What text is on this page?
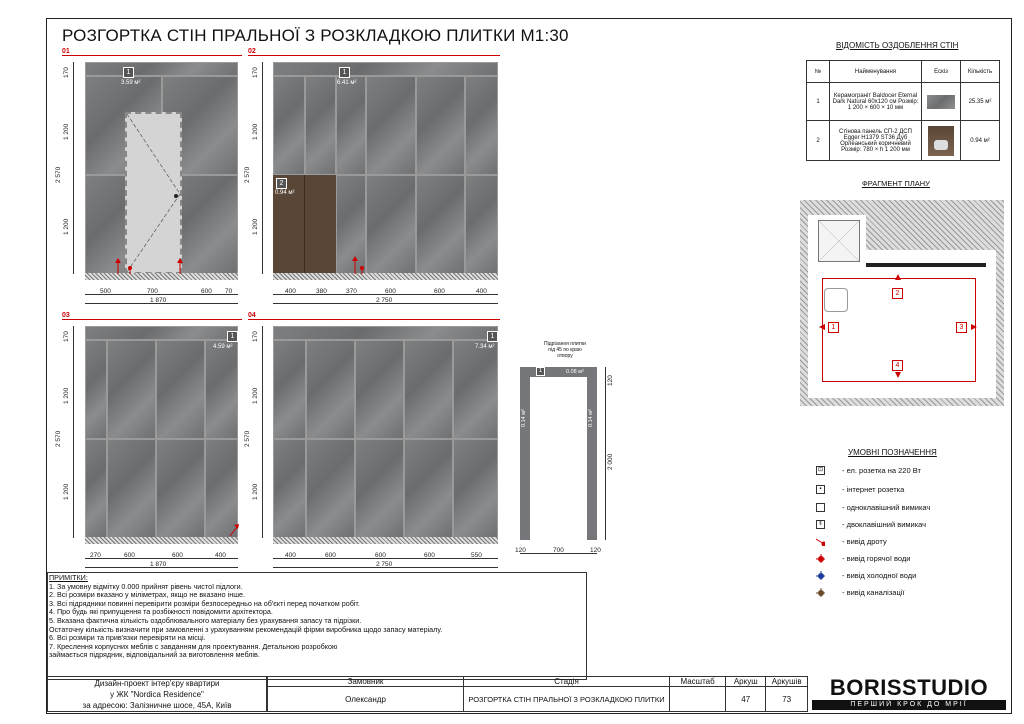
РОЗГОРТКА СТІН ПРАЛЬНОЇ З РОЗКЛАДКОЮ ПЛИТКИ М1:30
01
1
3.59 м²
170
1 200
1 200
2 570
500	700	600 70
1 870
02
1
6.41 м²
2
0.94 м²
170
1 200
1 200
2 570
400	380	370	600	600	400
2 750
03
1
4.59 м²
170
1 200
1 200
2 570
270	600	600	400
1 870
04
1
7.34 м²
170
1 200
1 200
2 570
400	600	600	600	550
2 750
Підрізання плитки під 45 по краю отвору
1	0.08 м²
0.14 м²	0.14 м²
120
2 000
120	700	120
ВІДОМІСТЬ ОЗДОБЛЕННЯ СТІН
№	Найменування	Ескіз	Кількість
1	Керамограніт Baldocer Eternal Dark Natural 60х120 см Розмір: 1 200 × 600 × 10 мм		25.35 м²
2	Стінова панель СП-2 ДСП Egger H1379 ST36 Дуб Орлеанський коричневий Розмір: 780 × h 1 200 мм		0.94 м²
ФРАГМЕНТ ПЛАНУ
2
1	3
4
УМОВНІ ПОЗНАЧЕННЯ
⊡	- ел. розетка на 220 Вт
▪	- інтернет розетка
- одноклавішний вимикач
‖	- двоклавішний вимикач
- вивід дроту
- вивід горячої води
- вивід холодної води
- вивід каналізації
ПРИМІТКИ:
1. За умовну відмітку 0.000 прийнят рівень чистої підлоги.
2. Всі розміри вказано у міліметрах, якщо не вказано інше.
3. Всі підрядники повинні перевірити розміри безпосередньо на об'єкті перед початком робіт.
4. Про будь які припущення та розбіжності повідомити архітектора.
5. Вказана фактична кількість оздоблювального матеріалу без урахування запасу та підрізки.
Остаточну кількість визначити при замовленні з урахуванням рекомендацій фірми виробника щодо запасу матеріалу.
6. Всі розміри та прив'язки перевіряти на місці.
7. Креслення корпусних меблів с завданням для проектування. Детальною розробкою
займається підрядник, відповідальний за виготовлення меблів.
Дизайн-проект інтер'єру квартири
у ЖК "Nordica Residence"
за адресою: Залізничне шосе, 45А, Київ
Замовник	Стадія	Масштаб	Аркуш	Аркушів
Олександр	РОЗГОРТКА СТІН ПРАЛЬНОЇ З РОЗКЛАДКОЮ ПЛИТКИ		47	73	BORISSTUDIO
ПЕРШИЙ КРОК ДО МРІЇ
